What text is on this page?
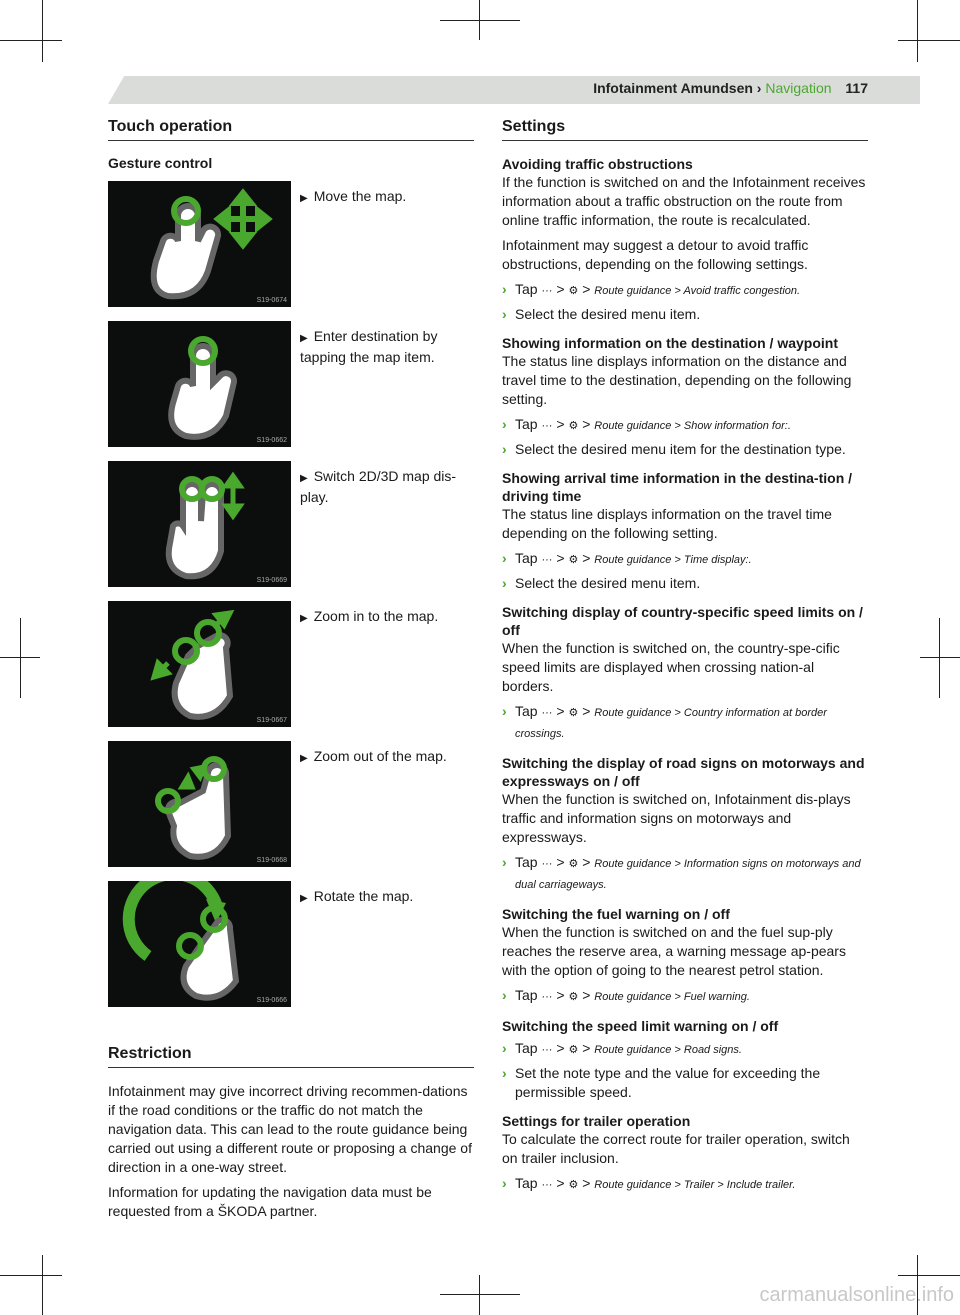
Infotainment Amundsen › Navigation 117
Touch operation
Gesture control
S19-0674
▶ Move the map.
S19-0662
▶ Enter destination by tapping the map item.
S19-0669
▶ Switch 2D/3D map dis-play.
S19-0667
▶ Zoom in to the map.
S19-0668
▶ Zoom out of the map.
S19-0666
▶ Rotate the map.
Restriction

Infotainment may give incorrect driving recommen-dations if the road conditions or the traffic do not match the navigation data. This can lead to the route guidance being carried out using a different route or proposing a change of direction in a one-way street.

Information for updating the navigation data must be requested from a ŠKODA partner.

Settings
Avoiding traffic obstructions

If the function is switched on and the Infotainment receives information about a traffic obstruction on the route from online traffic information, the route is recalculated.

Infotainment may suggest a detour to avoid traffic obstructions, depending on the following settings.

› Tap ··· > ⚙ > Route guidance > Avoid traffic congestion.
› Select the desired menu item.
Showing information on the destination / waypoint

The status line displays information on the distance and travel time to the destination, depending on the following setting.

› Tap ··· > ⚙ > Route guidance > Show information for:.
› Select the desired menu item for the destination type.
Showing arrival time information in the destina-tion / driving time

The status line displays information on the travel time depending on the following setting.

› Tap ··· > ⚙ > Route guidance > Time display:.
› Select the desired menu item.
Switching display of country-specific speed limits on / off

When the function is switched on, the country-spe-cific speed limits are displayed when crossing nation-al borders.

› Tap ··· > ⚙ > Route guidance > Country information at border crossings.
Switching the display of road signs on motorways and expressways on / off

When the function is switched on, Infotainment dis-plays traffic and information signs on motorways and expressways.

› Tap ··· > ⚙ > Route guidance > Information signs on motorways and dual carriageways.
Switching the fuel warning on / off

When the function is switched on and the fuel sup-ply reaches the reserve area, a warning message ap-pears with the option of going to the nearest petrol station.

› Tap ··· > ⚙ > Route guidance > Fuel warning.
Switching the speed limit warning on / off
› Tap ··· > ⚙ > Route guidance > Road signs.
› Set the note type and the value for exceeding the permissible speed.
Settings for trailer operation

To calculate the correct route for trailer operation, switch on trailer inclusion.

› Tap ··· > ⚙ > Route guidance > Trailer > Include trailer.
carmanualsonline.info
